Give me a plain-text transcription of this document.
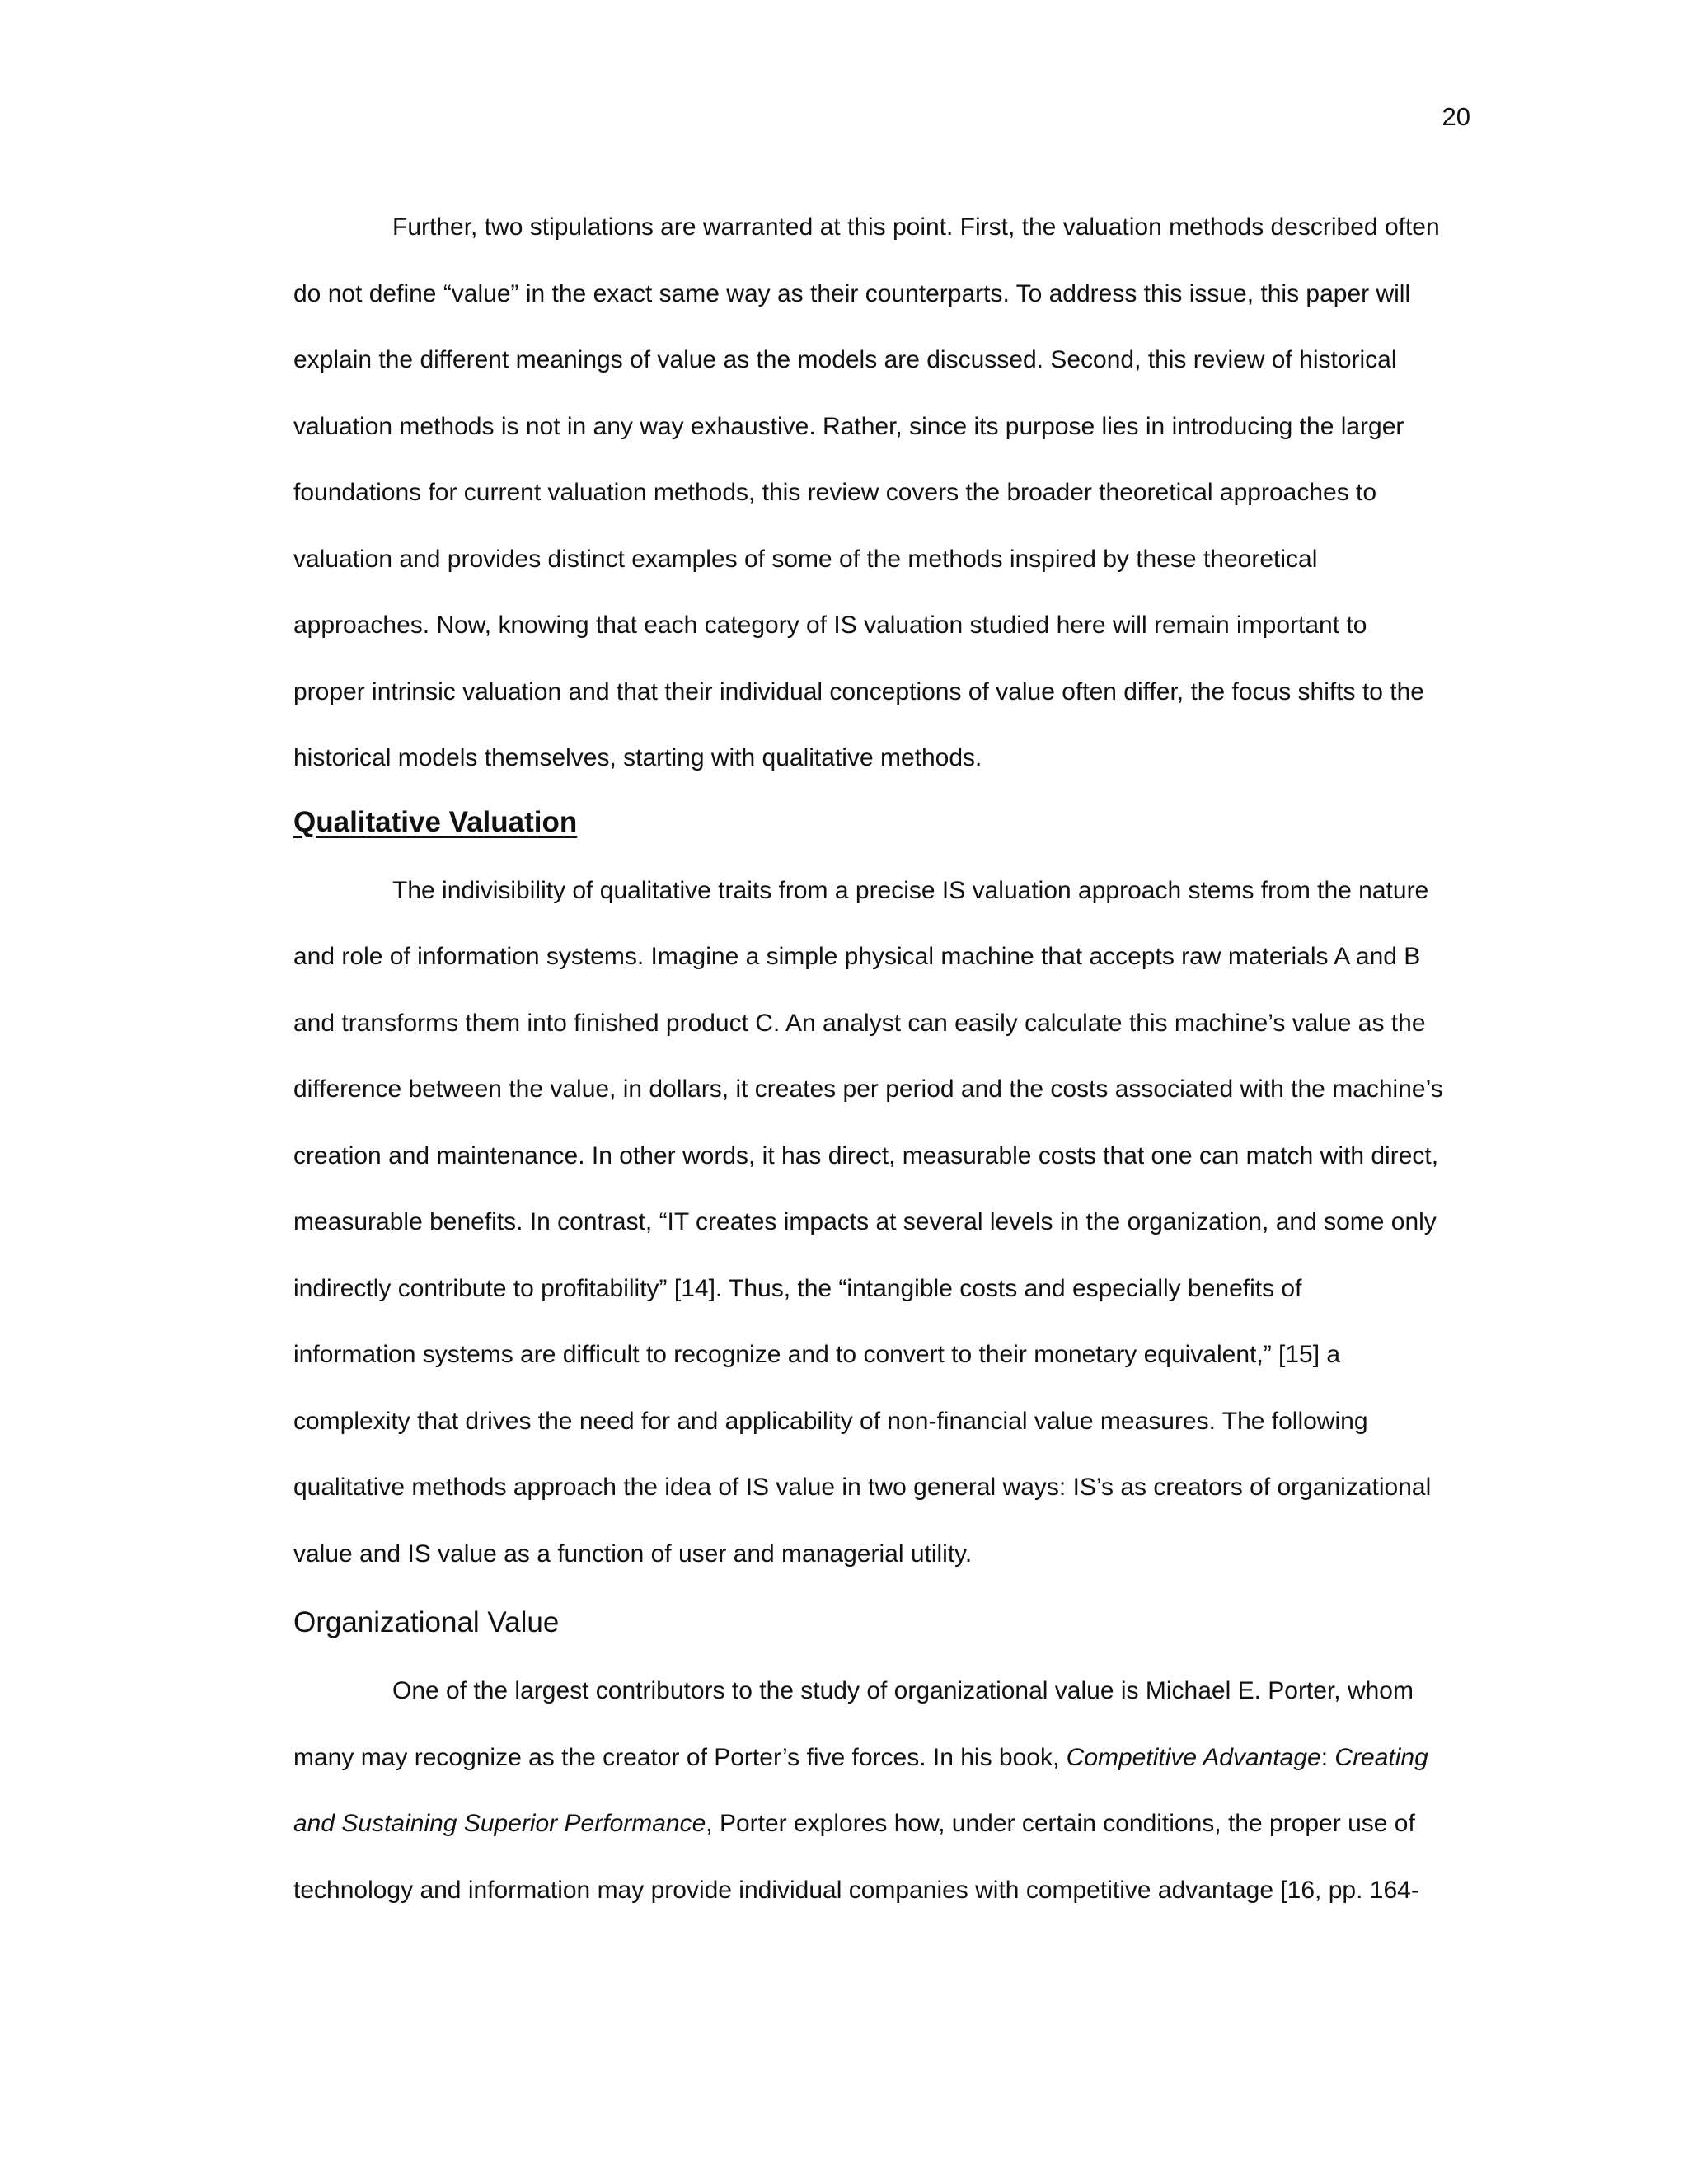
20
Further, two stipulations are warranted at this point. First, the valuation methods described often
do not define “value” in the exact same way as their counterparts. To address this issue, this paper will
explain the different meanings of value as the models are discussed. Second, this review of historical
valuation methods is not in any way exhaustive. Rather, since its purpose lies in introducing the larger
foundations for current valuation methods, this review covers the broader theoretical approaches to
valuation and provides distinct examples of some of the methods inspired by these theoretical
approaches. Now, knowing that each category of IS valuation studied here will remain important to
proper intrinsic valuation and that their individual conceptions of value often differ, the focus shifts to the
historical models themselves, starting with qualitative methods.
Qualitative Valuation
The indivisibility of qualitative traits from a precise IS valuation approach stems from the nature
and role of information systems. Imagine a simple physical machine that accepts raw materials A and B
and transforms them into finished product C. An analyst can easily calculate this machine’s value as the
difference between the value, in dollars, it creates per period and the costs associated with the machine’s
creation and maintenance. In other words, it has direct, measurable costs that one can match with direct,
measurable benefits. In contrast, “IT creates impacts at several levels in the organization, and some only
indirectly contribute to profitability” [14]. Thus, the “intangible costs and especially benefits of
information systems are difficult to recognize and to convert to their monetary equivalent,” [15] a
complexity that drives the need for and applicability of non-financial value measures. The following
qualitative methods approach the idea of IS value in two general ways: IS’s as creators of organizational
value and IS value as a function of user and managerial utility.
Organizational Value
One of the largest contributors to the study of organizational value is Michael E. Porter, whom
many may recognize as the creator of Porter’s five forces. In his book, Competitive Advantage: Creating
and Sustaining Superior Performance, Porter explores how, under certain conditions, the proper use of
technology and information may provide individual companies with competitive advantage [16, pp. 164-
